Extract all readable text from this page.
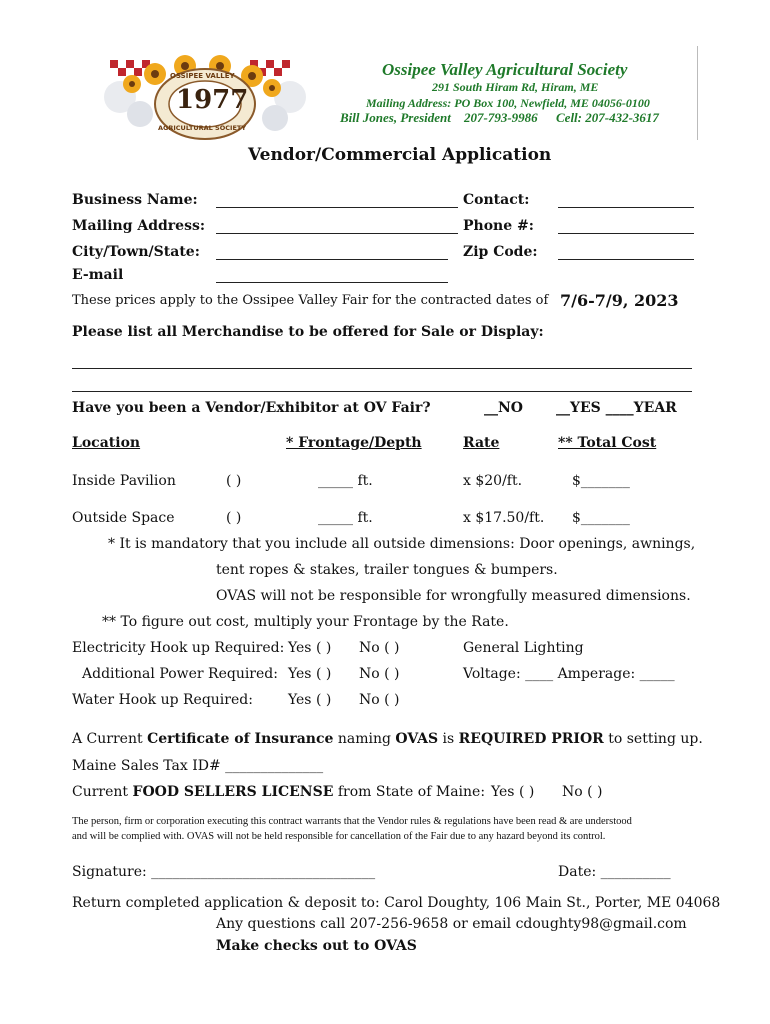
OSSIPEE VALLEY
1977
AGRICULTURAL SOCIETY
Ossipee Valley Agricultural Society
291 South Hiram Rd, Hiram, ME
Mailing Address: PO Box 100, Newfield, ME 04056-0100
Bill Jones, President 207-793-9986 Cell: 207-432-3617
Vendor/Commercial Application
Business Name:	Contact:
Mailing Address:	Phone #:
City/Town/State:	Zip Code:
E-mail
These prices apply to the Ossipee Valley Fair for the contracted dates of 7/6-7/9, 2023
Please list all Merchandise to be offered for Sale or Display:
Have you been a Vendor/Exhibitor at OV Fair?	__NO __YES ____YEAR
Location	* Frontage/Depth	Rate	** Total Cost
Inside Pavilion	( )	_____ ft.	x $20/ft.	$_______
Outside Space	( )	_____ ft.	x $17.50/ft. $_______
* It is mandatory that you include all outside dimensions: Door openings, awnings,
tent ropes & stakes, trailer tongues & bumpers.
OVAS will not be responsible for wrongfully measured dimensions.
** To figure out cost, multiply your Frontage by the Rate.
Electricity Hook up Required: Yes ( ) No ( )	General Lighting
Additional Power Required: Yes ( ) No ( )	Voltage: ____ Amperage: _____
Water Hook up Required:	Yes ( ) No ( )
A Current Certificate of Insurance naming OVAS is REQUIRED PRIOR to setting up.
Maine Sales Tax ID# ______________
Current FOOD SELLERS LICENSE from State of Maine: Yes ( ) No ( )
The person, firm or corporation executing this contract warrants that the Vendor rules & regulations have been read & are understood
and will be complied with. OVAS will not be held responsible for cancellation of the Fair due to any hazard beyond its control.
Signature: ________________________________	Date: __________
Return completed application & deposit to: Carol Doughty, 106 Main St., Porter, ME 04068
Any questions call 207-256-9658 or email cdoughty98@gmail.com
Make checks out to OVAS
